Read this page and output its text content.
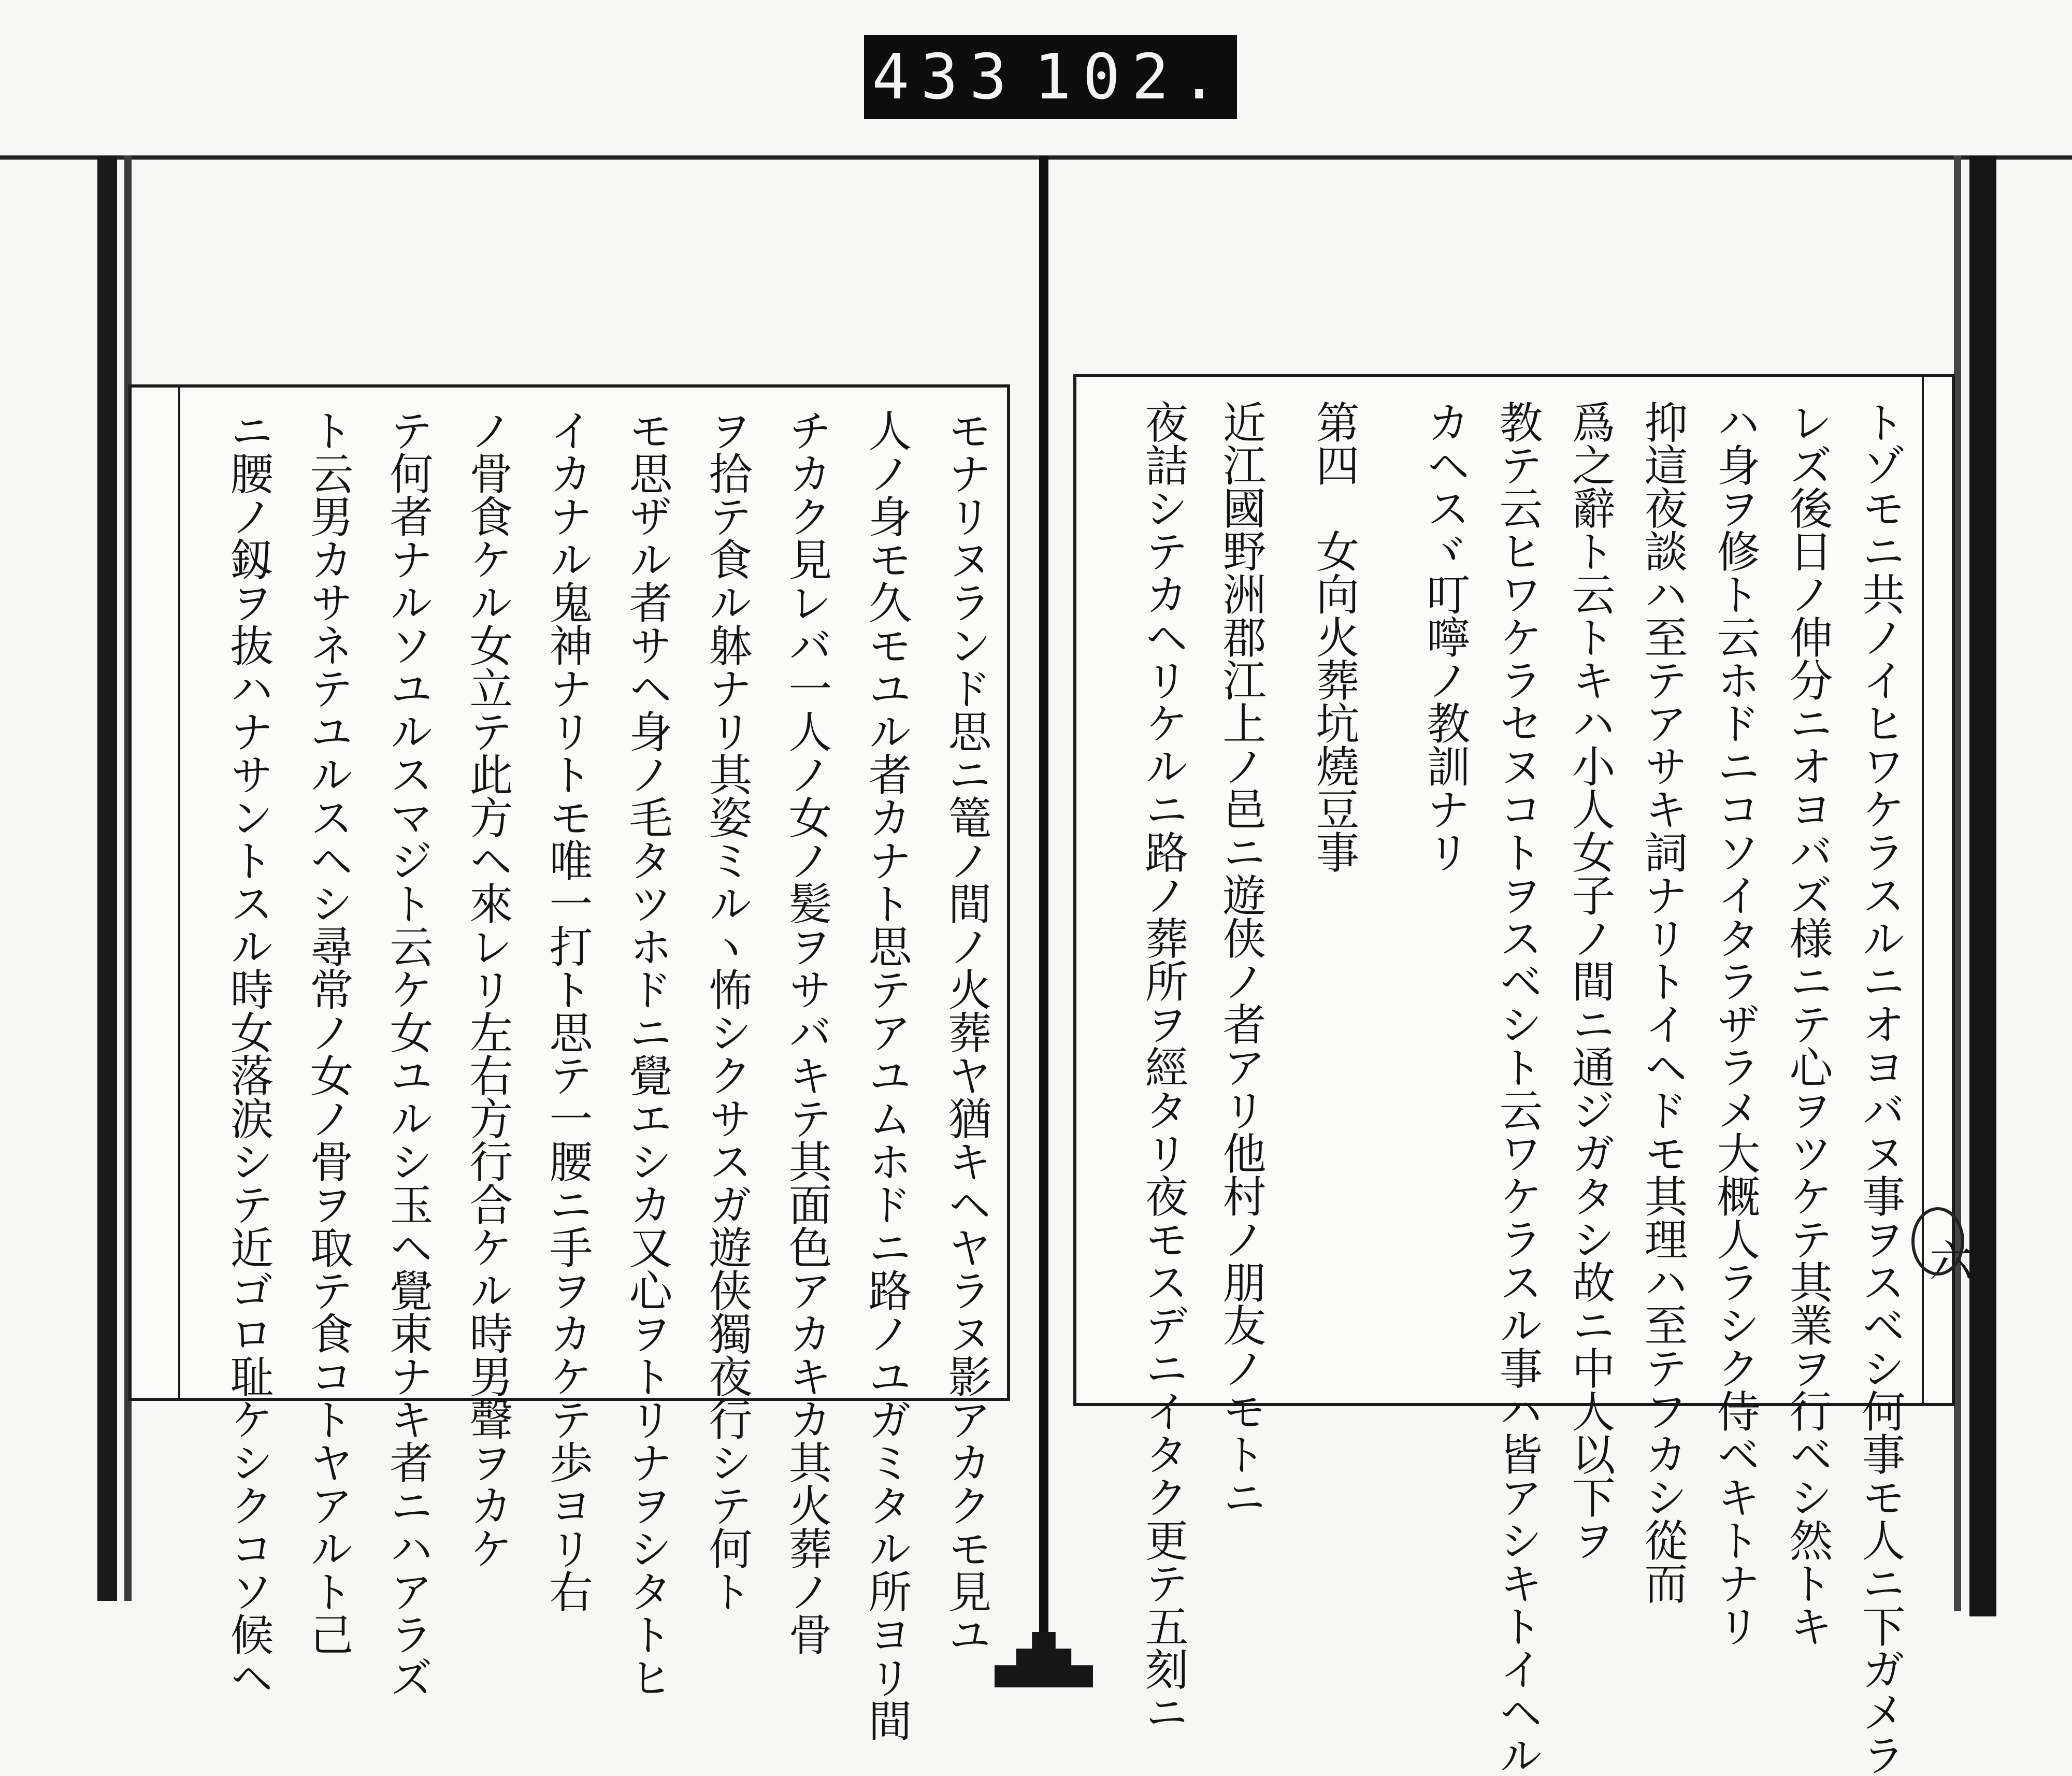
433 102.
モナリヌランド思ニ篭ノ間ノ火葬ヤ猶キヘヤラヌ影アカクモ見ユ
人ノ身モ久モユル者カナト思テアユムホドニ路ノユガミタル所ヨリ間
チカク見レバ一人ノ女ノ髪ヲサバキテ其面色アカキカ其火葬ノ骨
ヲ拾テ食ル躰ナリ其姿ミルヽ怖シクサスガ遊侠獨夜行シテ何ト
モ思ザル者サヘ身ノ毛タツホドニ覺エシカ又心ヲトリナヲシタトヒ
イカナル鬼神ナリトモ唯一打ト思テ一腰ニ手ヲカケテ歩ヨリ右
ノ骨食ケル女立テ此方ヘ來レリ左右方行合ケル時男聲ヲカケ
テ何者ナルソユルスマジト云ケ女ユルシ玉ヘ覺束ナキ者ニハアラズ
ト云男カサネテユルスヘシ尋常ノ女ノ骨ヲ取テ食コトヤアルト己
ニ腰ノ釼ヲ抜ハナサントスル時女落涙シテ近ゴロ耻ケシクコソ候ヘ	トゾモニ共ノイヒワケラスルニオヨバヌ事ヲスベシ何事モ人ニ下ガメラ
レズ後日ノ伸分ニオヨバズ様ニテ心ヲツケテ其業ヲ行ベシ然トキ
ハ身ヲ修ト云ホドニコソイタラザラメ大概人ラシク侍ベキトナリ
抑這夜談ハ至テアサキ詞ナリトイヘドモ其理ハ至テフカシ從而
爲之辭ト云トキハ小人女子ノ間ニ通ジガタシ故ニ中人以下ヲ
教テ云ヒワケラセヌコトヲスベシト云ワケラスル事ハ皆アシキトイヘル
カヘスヾ叮嚀ノ教訓ナリ
第四　女向火葬坑燒豆事
近江國野洲郡江上ノ邑ニ遊侠ノ者アリ他村ノ朋友ノモトニ
夜詰シテカヘリケルニ路ノ葬所ヲ經タリ夜モスデニイタク更テ五刻ニ	六
